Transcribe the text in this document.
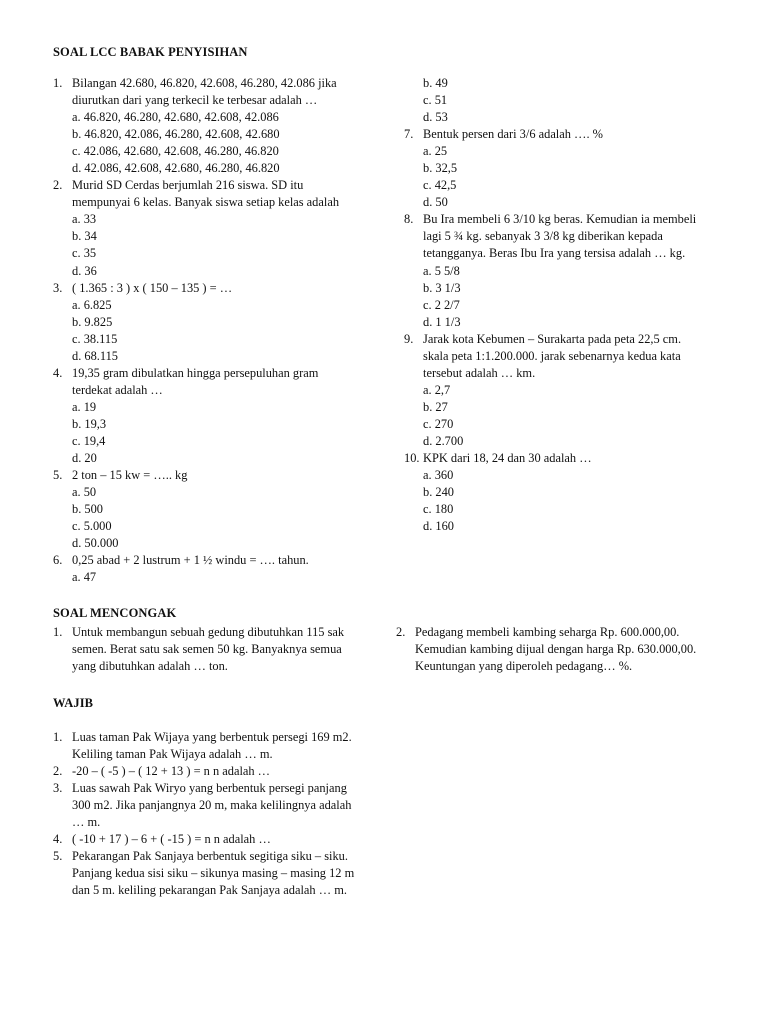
SOAL LCC BABAK PENYISIHAN
1. Bilangan 42.680, 46.820, 42.608, 46.280, 42.086 jika
diurutkan dari yang terkecil ke terbesar adalah …
a. 46.820, 46.280, 42.680, 42.608, 42.086
b. 46.820, 42.086, 46.280, 42.608, 42.680
c. 42.086, 42.680, 42.608, 46.280, 46.820
d. 42.086, 42.608, 42.680, 46.280, 46.820
2. Murid SD Cerdas berjumlah 216 siswa. SD itu
mempunyai 6 kelas. Banyak siswa setiap kelas adalah
a. 33
b. 34
c. 35
d. 36
3. ( 1.365 : 3 ) x ( 150 – 135 ) = …
a. 6.825
b. 9.825
c. 38.115
d. 68.115
4. 19,35 gram dibulatkan hingga persepuluhan gram
terdekat adalah …
a. 19
b. 19,3
c. 19,4
d. 20
5. 2 ton – 15 kw = ….. kg
a. 50
b. 500
c. 5.000
d. 50.000
6. 0,25 abad + 2 lustrum + 1 ½ windu = …. tahun.
a. 47
b. 49
c. 51
d. 53
7. Bentuk persen dari 3/6 adalah …. %
a. 25
b. 32,5
c. 42,5
d. 50
8. Bu Ira membeli 6 3/10 kg beras. Kemudian ia membeli
lagi 5 ¾ kg. sebanyak 3 3/8 kg diberikan kepada
tetangganya. Beras Ibu Ira yang tersisa adalah … kg.
a. 5 5/8
b. 3 1/3
c. 2 2/7
d. 1 1/3
9. Jarak kota Kebumen – Surakarta pada peta 22,5 cm.
skala peta 1:1.200.000. jarak sebenarnya kedua kata
tersebut adalah … km.
a. 2,7
b. 27
c. 270
d. 2.700
10. KPK dari 18, 24 dan 30 adalah …
a. 360
b. 240
c. 180
d. 160
SOAL MENCONGAK
1. Untuk membangun sebuah gedung dibutuhkan 115 sak
semen. Berat satu sak semen 50 kg. Banyaknya semua
yang dibutuhkan adalah … ton.
2. Pedagang membeli kambing seharga Rp. 600.000,00.
Kemudian kambing dijual dengan harga Rp. 630.000,00.
Keuntungan yang diperoleh pedagang… %.
WAJIB
1. Luas taman Pak Wijaya yang berbentuk persegi 169 m2.
Keliling taman Pak Wijaya adalah … m.
2. -20 – ( -5 ) – ( 12 + 13 ) = n n adalah …
3. Luas sawah Pak Wiryo yang berbentuk persegi panjang
300 m2. Jika panjangnya 20 m, maka kelilingnya adalah
… m.
4. ( -10 + 17 ) – 6 + ( -15 ) = n n adalah …
5. Pekarangan Pak Sanjaya berbentuk segitiga siku – siku.
Panjang kedua sisi siku – sikunya masing – masing 12 m
dan 5 m. keliling pekarangan Pak Sanjaya adalah … m.
